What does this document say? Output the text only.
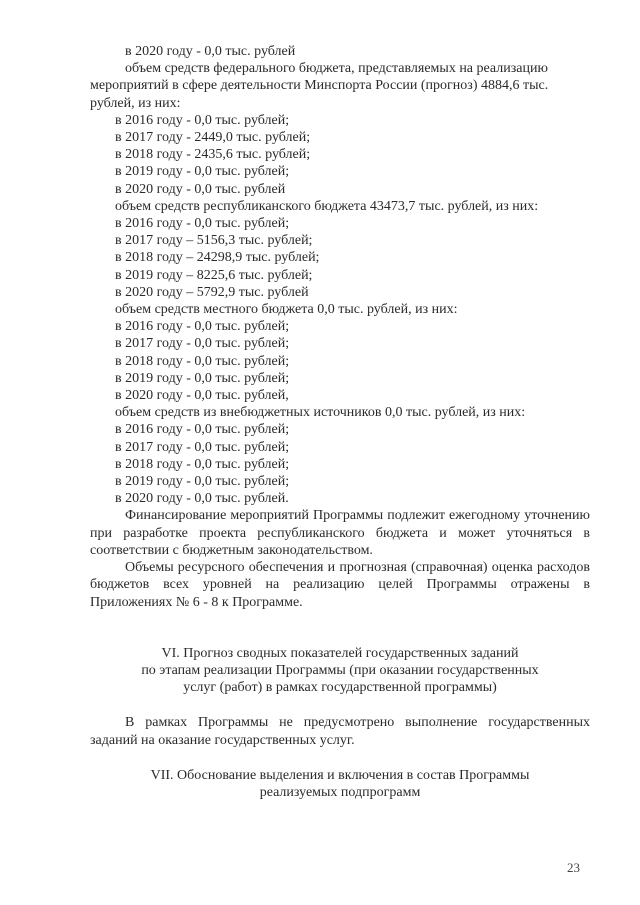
в 2020 году - 0,0 тыс. рублей
объем средств федерального бюджета, представляемых на реализацию
мероприятий в сфере деятельности Минспорта России (прогноз) 4884,6 тыс.
рублей, из них:
в 2016 году - 0,0 тыс. рублей;
в 2017 году - 2449,0 тыс. рублей;
в 2018 году - 2435,6 тыс. рублей;
в 2019 году - 0,0 тыс. рублей;
в 2020 году - 0,0 тыс. рублей
объем средств республиканского бюджета 43473,7 тыс. рублей, из них:
в 2016 году - 0,0 тыс. рублей;
в 2017 году – 5156,3 тыс. рублей;
в 2018 году – 24298,9 тыс. рублей;
в 2019 году – 8225,6 тыс. рублей;
в 2020 году – 5792,9 тыс. рублей
объем средств местного бюджета 0,0 тыс. рублей, из них:
в 2016 году - 0,0 тыс. рублей;
в 2017 году - 0,0 тыс. рублей;
в 2018 году - 0,0 тыс. рублей;
в 2019 году - 0,0 тыс. рублей;
в 2020 году - 0,0 тыс. рублей,
объем средств из внебюджетных источников 0,0 тыс. рублей, из них:
в 2016 году - 0,0 тыс. рублей;
в 2017 году - 0,0 тыс. рублей;
в 2018 году - 0,0 тыс. рублей;
в 2019 году - 0,0 тыс. рублей;
в 2020 году - 0,0 тыс. рублей.
Финансирование мероприятий Программы подлежит ежегодному уточнению при разработке проекта республиканского бюджета и может уточняться в соответствии с бюджетным законодательством.
Объемы ресурсного обеспечения и прогнозная (справочная) оценка расходов бюджетов всех уровней на реализацию целей Программы отражены в Приложениях № 6 - 8 к Программе.
VI. Прогноз сводных показателей государственных заданий
по этапам реализации Программы (при оказании государственных
услуг (работ) в рамках государственной программы)
В рамках Программы не предусмотрено выполнение государственных заданий на оказание государственных услуг.
VII. Обоснование выделения и включения в состав Программы
реализуемых подпрограмм
23
